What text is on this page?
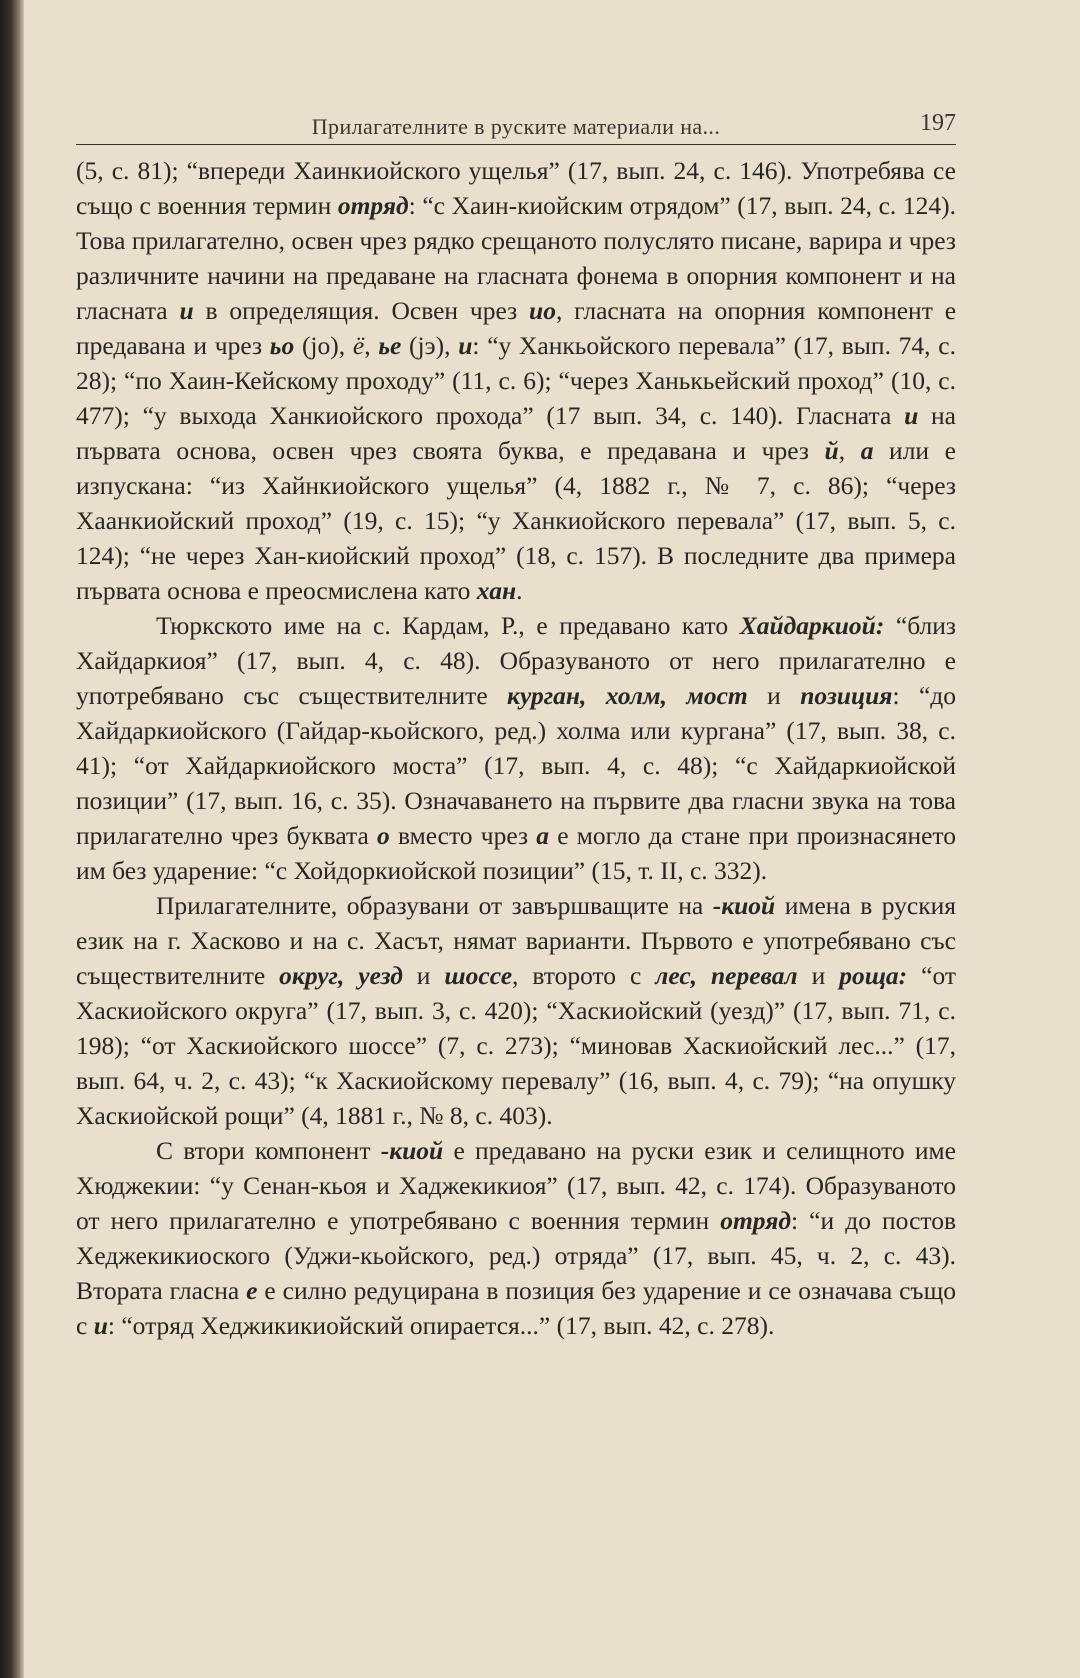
Прилагателните в руските материали на...	197

(5, с. 81); “впереди Хаинкиойского ущелья” (17, вып. 24, с. 146). Употребява се също с военния термин отряд: “с Хаин-киойским отрядом” (17, вып. 24, с. 124). Това прилагателно, освен чрез рядко срещаното полуслято писане, варира и чрез различните начини на предаване на гласната фонема в опорния компонент и на гласната и в определящия. Освен чрез ио, гласната на опорния компонент е предавана и чрез ьо (jo), ё, ье (jэ), и: “у Ханкьойского перевала” (17, вып. 74, с. 28); “по Хаин-Кейскому проходу” (11, с. 6); “через Ханькьейский проход” (10, с. 477); “у выхода Ханкиойского прохода” (17 вып. 34, с. 140). Гласната и на първата основа, освен чрез своята буква, е предавана и чрез й, а или е изпускана: “из Хайнкиойского ущелья” (4, 1882 г., № 7, с. 86); “через Хаанкиойский проход” (19, с. 15); “у Ханкиойского перевала” (17, вып. 5, с. 124); “не через Хан-киойский проход” (18, с. 157). В последните два примера първата основа е преосмислена като хан.

Тюркското име на с. Кардам, Р., е предавано като Хайдаркиой: “близ Хайдаркиоя” (17, вып. 4, с. 48). Образуваното от него прилагателно е употребявано със съществителните курган, холм, мост и позиция: “до Хайдаркиойского (Гайдар-кьойского, ред.) холма или кургана” (17, вып. 38, с. 41); “от Хайдаркиойского моста” (17, вып. 4, с. 48); “с Хайдаркиойской позиции” (17, вып. 16, с. 35). Означаването на първите два гласни звука на това прилагателно чрез буквата о вместо чрез а е могло да стане при произнасянето им без ударение: “с Хойдоркиойской позиции” (15, т. II, с. 332).

Прилагателните, образувани от завършващите на -киой имена в руския език на г. Хасково и на с. Хасът, нямат варианти. Първото е употребявано със съществителните округ, уезд и шоссе, второто с лес, перевал и роща: “от Хаскиойского округа” (17, вып. 3, с. 420); “Хаскиойский (уезд)” (17, вып. 71, с. 198); “от Хаскиойского шоссе” (7, с. 273); “миновав Хаскиойский лес...” (17, вып. 64, ч. 2, с. 43); “к Хаскиойскому перевалу” (16, вып. 4, с. 79); “на опушку Хаскиойской рощи” (4, 1881 г., № 8, с. 403).

С втори компонент -киой е предавано на руски език и селищното име Хюджекии: “у Сенан-кьоя и Хаджекикиоя” (17, вып. 42, с. 174). Образуваното от него прилагателно е употребявано с военния термин отряд: “и до постов Хеджекикиоского (Уджи-кьойского, ред.) отряда” (17, вып. 45, ч. 2, с. 43). Втората гласна е е силно редуцирана в позиция без ударение и се означава също с и: “отряд Хеджикикиойский опирается...” (17, вып. 42, с. 278).
